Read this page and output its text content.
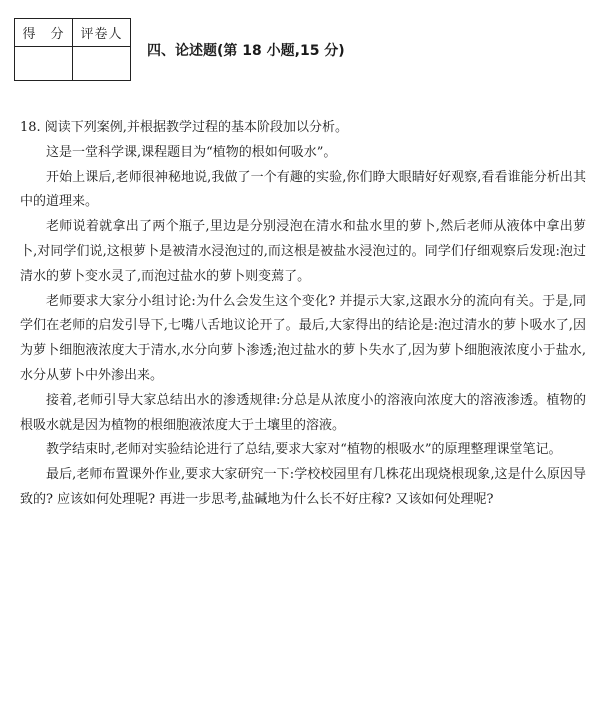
得　分	评卷人

四、论述题(第 18 小题,15 分)

18. 阅读下列案例,并根据教学过程的基本阶段加以分析。

这是一堂科学课,课程题目为“植物的根如何吸水”。

开始上课后,老师很神秘地说,我做了一个有趣的实验,你们睁大眼睛好好观察,看看谁能分析出其中的道理来。

老师说着就拿出了两个瓶子,里边是分别浸泡在清水和盐水里的萝卜,然后老师从液体中拿出萝卜,对同学们说,这根萝卜是被清水浸泡过的,而这根是被盐水浸泡过的。同学们仔细观察后发现:泡过清水的萝卜变水灵了,而泡过盐水的萝卜则变蔫了。

老师要求大家分小组讨论:为什么会发生这个变化? 并提示大家,这跟水分的流向有关。于是,同学们在老师的启发引导下,七嘴八舌地议论开了。最后,大家得出的结论是:泡过清水的萝卜吸水了,因为萝卜细胞液浓度大于清水,水分向萝卜渗透;泡过盐水的萝卜失水了,因为萝卜细胞液浓度小于盐水,水分从萝卜中外渗出来。

接着,老师引导大家总结出水的渗透规律:分总是从浓度小的溶液向浓度大的溶液渗透。植物的根吸水就是因为植物的根细胞液浓度大于土壤里的溶液。

教学结束时,老师对实验结论进行了总结,要求大家对“植物的根吸水”的原理整理课堂笔记。

最后,老师布置课外作业,要求大家研究一下:学校校园里有几株花出现烧根现象,这是什么原因导致的? 应该如何处理呢? 再进一步思考,盐碱地为什么长不好庄稼? 又该如何处理呢?
